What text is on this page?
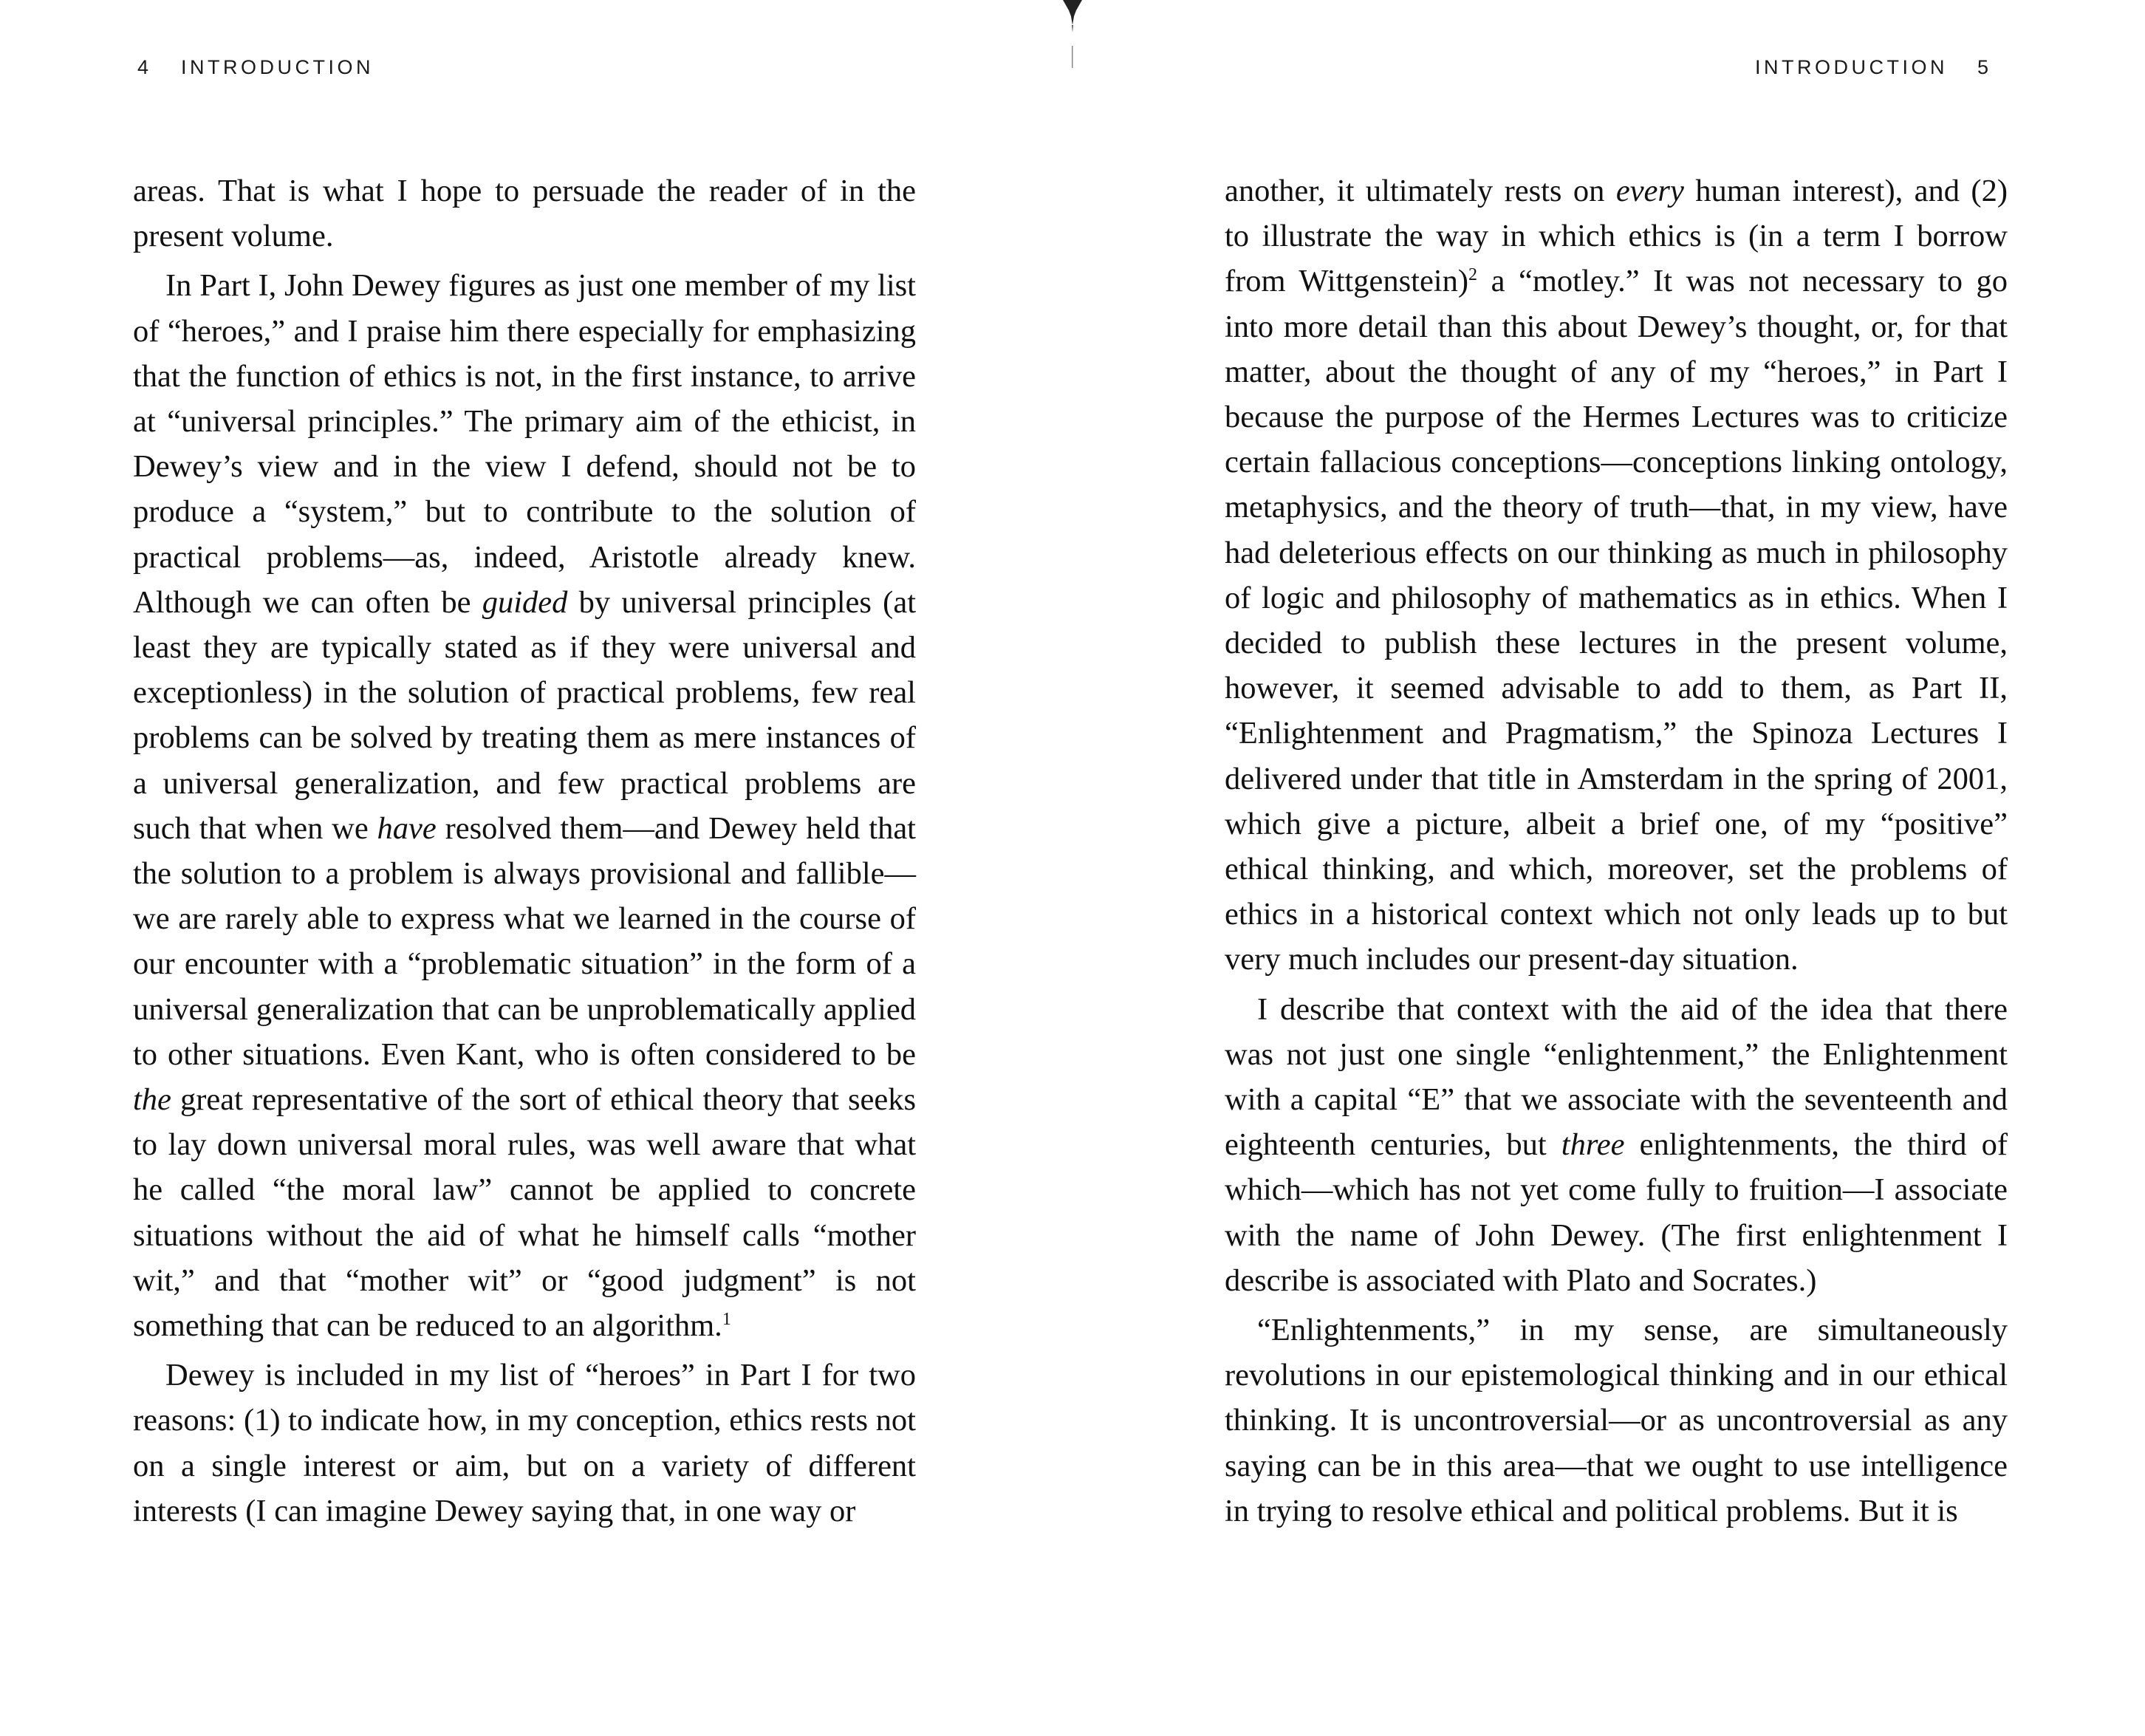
4 INTRODUCTION

areas. That is what I hope to persuade the reader of in the present volume.

In Part I, John Dewey figures as just one member of my list of “heroes,” and I praise him there especially for emphasizing that the function of ethics is not, in the first instance, to arrive at “universal principles.” The primary aim of the ethicist, in Dewey’s view and in the view I defend, should not be to produce a “system,” but to contribute to the solution of practical problems—as, indeed, Aristotle already knew. Although we can often be guided by universal principles (at least they are typically stated as if they were universal and exceptionless) in the solution of practical problems, few real problems can be solved by treating them as mere instances of a universal generalization, and few practical problems are such that when we have resolved them—and Dewey held that the solution to a problem is always provisional and fallible—we are rarely able to express what we learned in the course of our encounter with a “problematic situation” in the form of a universal generalization that can be unproblematically applied to other situations. Even Kant, who is often considered to be the great representative of the sort of ethical theory that seeks to lay down universal moral rules, was well aware that what he called “the moral law” cannot be applied to concrete situations without the aid of what he himself calls “mother wit,” and that “mother wit” or “good judgment” is not something that can be reduced to an algorithm.$^1$

Dewey is included in my list of “heroes” in Part I for two reasons: (1) to indicate how, in my conception, ethics rests not on a single interest or aim, but on a variety of different interests (I can imagine Dewey saying that, in one way or

INTRODUCTION 5

another, it ultimately rests on every human interest), and (2) to illustrate the way in which ethics is (in a term I borrow from Wittgenstein)$^2$ a “motley.” It was not necessary to go into more detail than this about Dewey’s thought, or, for that matter, about the thought of any of my “heroes,” in Part I because the purpose of the Hermes Lectures was to criticize certain fallacious conceptions—conceptions linking ontology, metaphysics, and the theory of truth—that, in my view, have had deleterious effects on our thinking as much in philosophy of logic and philosophy of mathematics as in ethics. When I decided to publish these lectures in the present volume, however, it seemed advisable to add to them, as Part II, “Enlightenment and Pragmatism,” the Spinoza Lectures I delivered under that title in Amsterdam in the spring of 2001, which give a picture, albeit a brief one, of my “positive” ethical thinking, and which, moreover, set the problems of ethics in a historical context which not only leads up to but very much includes our present-day situation.

I describe that context with the aid of the idea that there was not just one single “enlightenment,” the Enlightenment with a capital “E” that we associate with the seventeenth and eighteenth centuries, but three enlightenments, the third of which—which has not yet come fully to fruition—I associate with the name of John Dewey. (The first enlightenment I describe is associated with Plato and Socrates.)

“Enlightenments,” in my sense, are simultaneously revolutions in our epistemological thinking and in our ethical thinking. It is uncontroversial—or as uncontroversial as any saying can be in this area—that we ought to use intelligence in trying to resolve ethical and political problems. But it is
